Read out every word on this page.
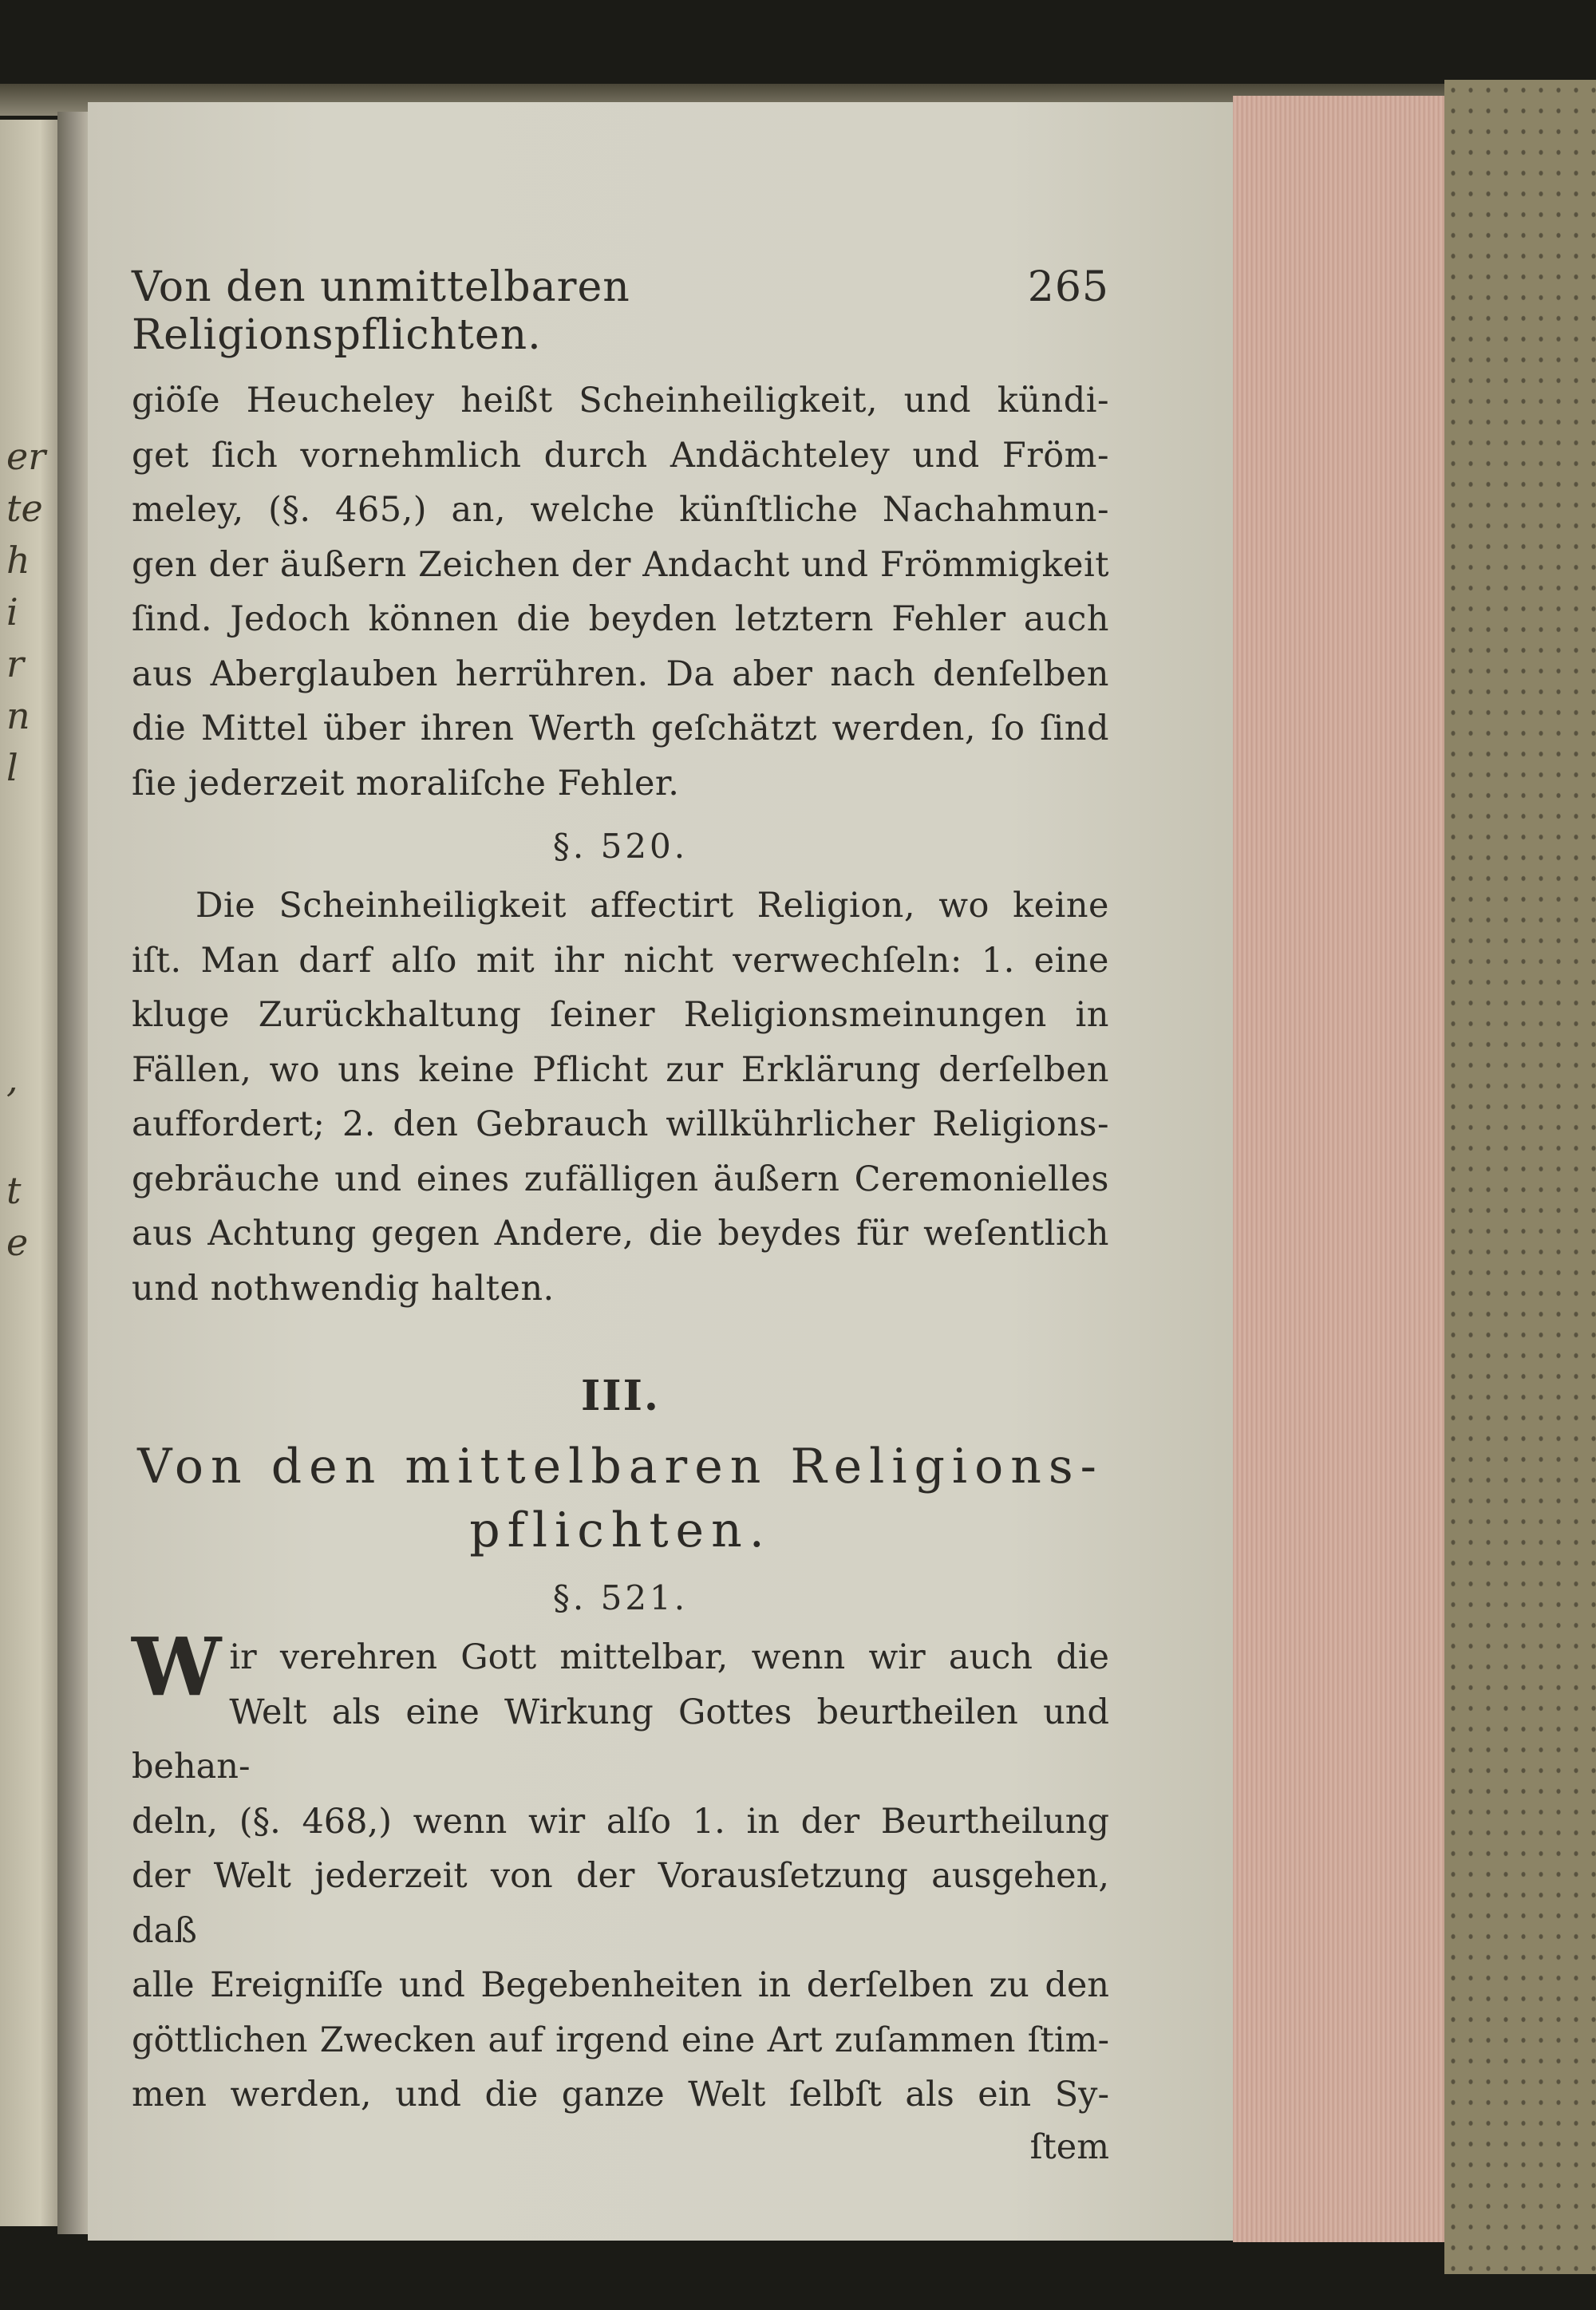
er
te
h
i
r
n
l
,
t
e
Von den unmittelbaren Religionspflichten.
265
giöſe Heucheley heißt Scheinheiligkeit, und kündi-
get ſich vornehmlich durch Andächteley und Fröm-
meley, (§. 465,) an, welche künſtliche Nachahmun-
gen der äußern Zeichen der Andacht und Frömmigkeit
ſind. Jedoch können die beyden letztern Fehler auch
aus Aberglauben herrühren. Da aber nach denſelben
die Mittel über ihren Werth geſchätzt werden, ſo ſind
ſie jederzeit moraliſche Fehler.
§. 520.
Die Scheinheiligkeit affectirt Religion, wo keine
iſt. Man darf alſo mit ihr nicht verwechſeln: 1. eine
kluge Zurückhaltung ſeiner Religionsmeinungen in
Fällen, wo uns keine Pflicht zur Erklärung derſelben
auffordert; 2. den Gebrauch willkührlicher Religions-
gebräuche und eines zufälligen äußern Ceremonielles
aus Achtung gegen Andere, die beydes für weſentlich
und nothwendig halten.
III.
Von den mittelbaren Religions-
pflichten.
§. 521.
W ir verehren Gott mittelbar, wenn wir auch die
Welt als eine Wirkung Gottes beurtheilen und behan-
deln, (§. 468,) wenn wir alſo 1. in der Beurtheilung
der Welt jederzeit von der Vorausſetzung ausgehen, daß
alle Ereigniſſe und Begebenheiten in derſelben zu den
göttlichen Zwecken auf irgend eine Art zuſammen ſtim-
men werden, und die ganze Welt ſelbſt als ein Sy-
ſtem
